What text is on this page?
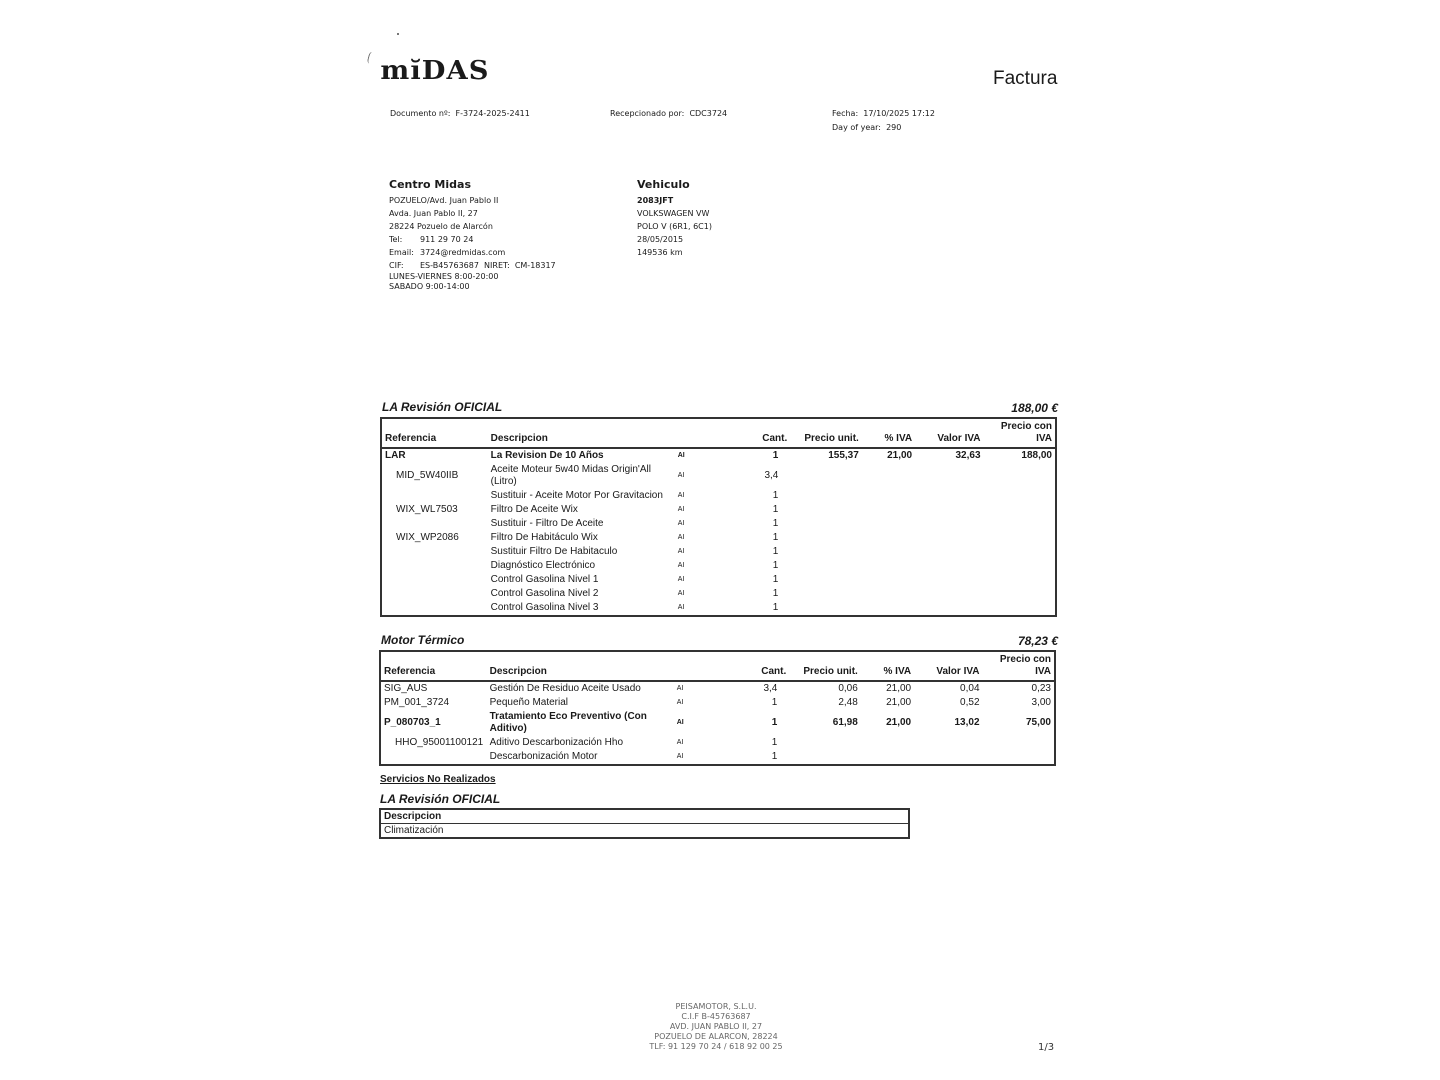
mĭDAS	Factura
Documento nº: F-3724-2025-2411	Recepcionado por: CDC3724	Fecha: 17/10/2025 17:12
Day of year: 290
Centro Midas
POZUELO/Avd. Juan Pablo II
Avda. Juan Pablo II, 27
28224 Pozuelo de Alarcón
Tel: 911 29 70 24
Email: 3724@redmidas.com
CIF: ES-B45763687 NIRET: CM-18317
LUNES-VIERNES 8:00-20:00
SABADO 9:00-14:00
Vehiculo
2083JFT
VOLKSWAGEN VW
POLO V (6R1, 6C1)
28/05/2015
149536 km
LA Revisión OFICIAL	188,00 €
Referencia	Descripcion		Cant.	Precio unit.	% IVA	Valor IVA	Precio con IVA
LAR	La Revision De 10 Años	AI	1	155,37	21,00	32,63	188,00
MID_5W40IIB	Aceite Moteur 5w40 Midas Origin'All (Litro)	AI	3,4				
	Sustituir - Aceite Motor Por Gravitacion	AI	1				
WIX_WL7503	Filtro De Aceite Wix	AI	1				
	Sustituir - Filtro De Aceite	AI	1				
WIX_WP2086	Filtro De Habitáculo Wix	AI	1				
	Sustituir Filtro De Habitaculo	AI	1				
	Diagnóstico Electrónico	AI	1				
	Control Gasolina Nivel 1	AI	1				
	Control Gasolina Nivel 2	AI	1				
	Control Gasolina Nivel 3	AI	1				
Motor Térmico	78,23 €
Referencia	Descripcion		Cant.	Precio unit.	% IVA	Valor IVA	Precio con IVA
SIG_AUS	Gestión De Residuo Aceite Usado	AI	3,4	0,06	21,00	0,04	0,23
PM_001_3724	Pequeño Material	AI	1	2,48	21,00	0,52	3,00
P_080703_1	Tratamiento Eco Preventivo (Con Aditivo)	AI	1	61,98	21,00	13,02	75,00
HHO_95001100121	Aditivo Descarbonización Hho	AI	1				
	Descarbonización Motor	AI	1				
Servicios No Realizados
LA Revisión OFICIAL
Descripcion
Climatización
PEISAMOTOR, S.L.U.
C.I.F B-45763687
AVD. JUAN PABLO II, 27
POZUELO DE ALARCON, 28224
TLF: 91 129 70 24 / 618 92 00 25	1/3
